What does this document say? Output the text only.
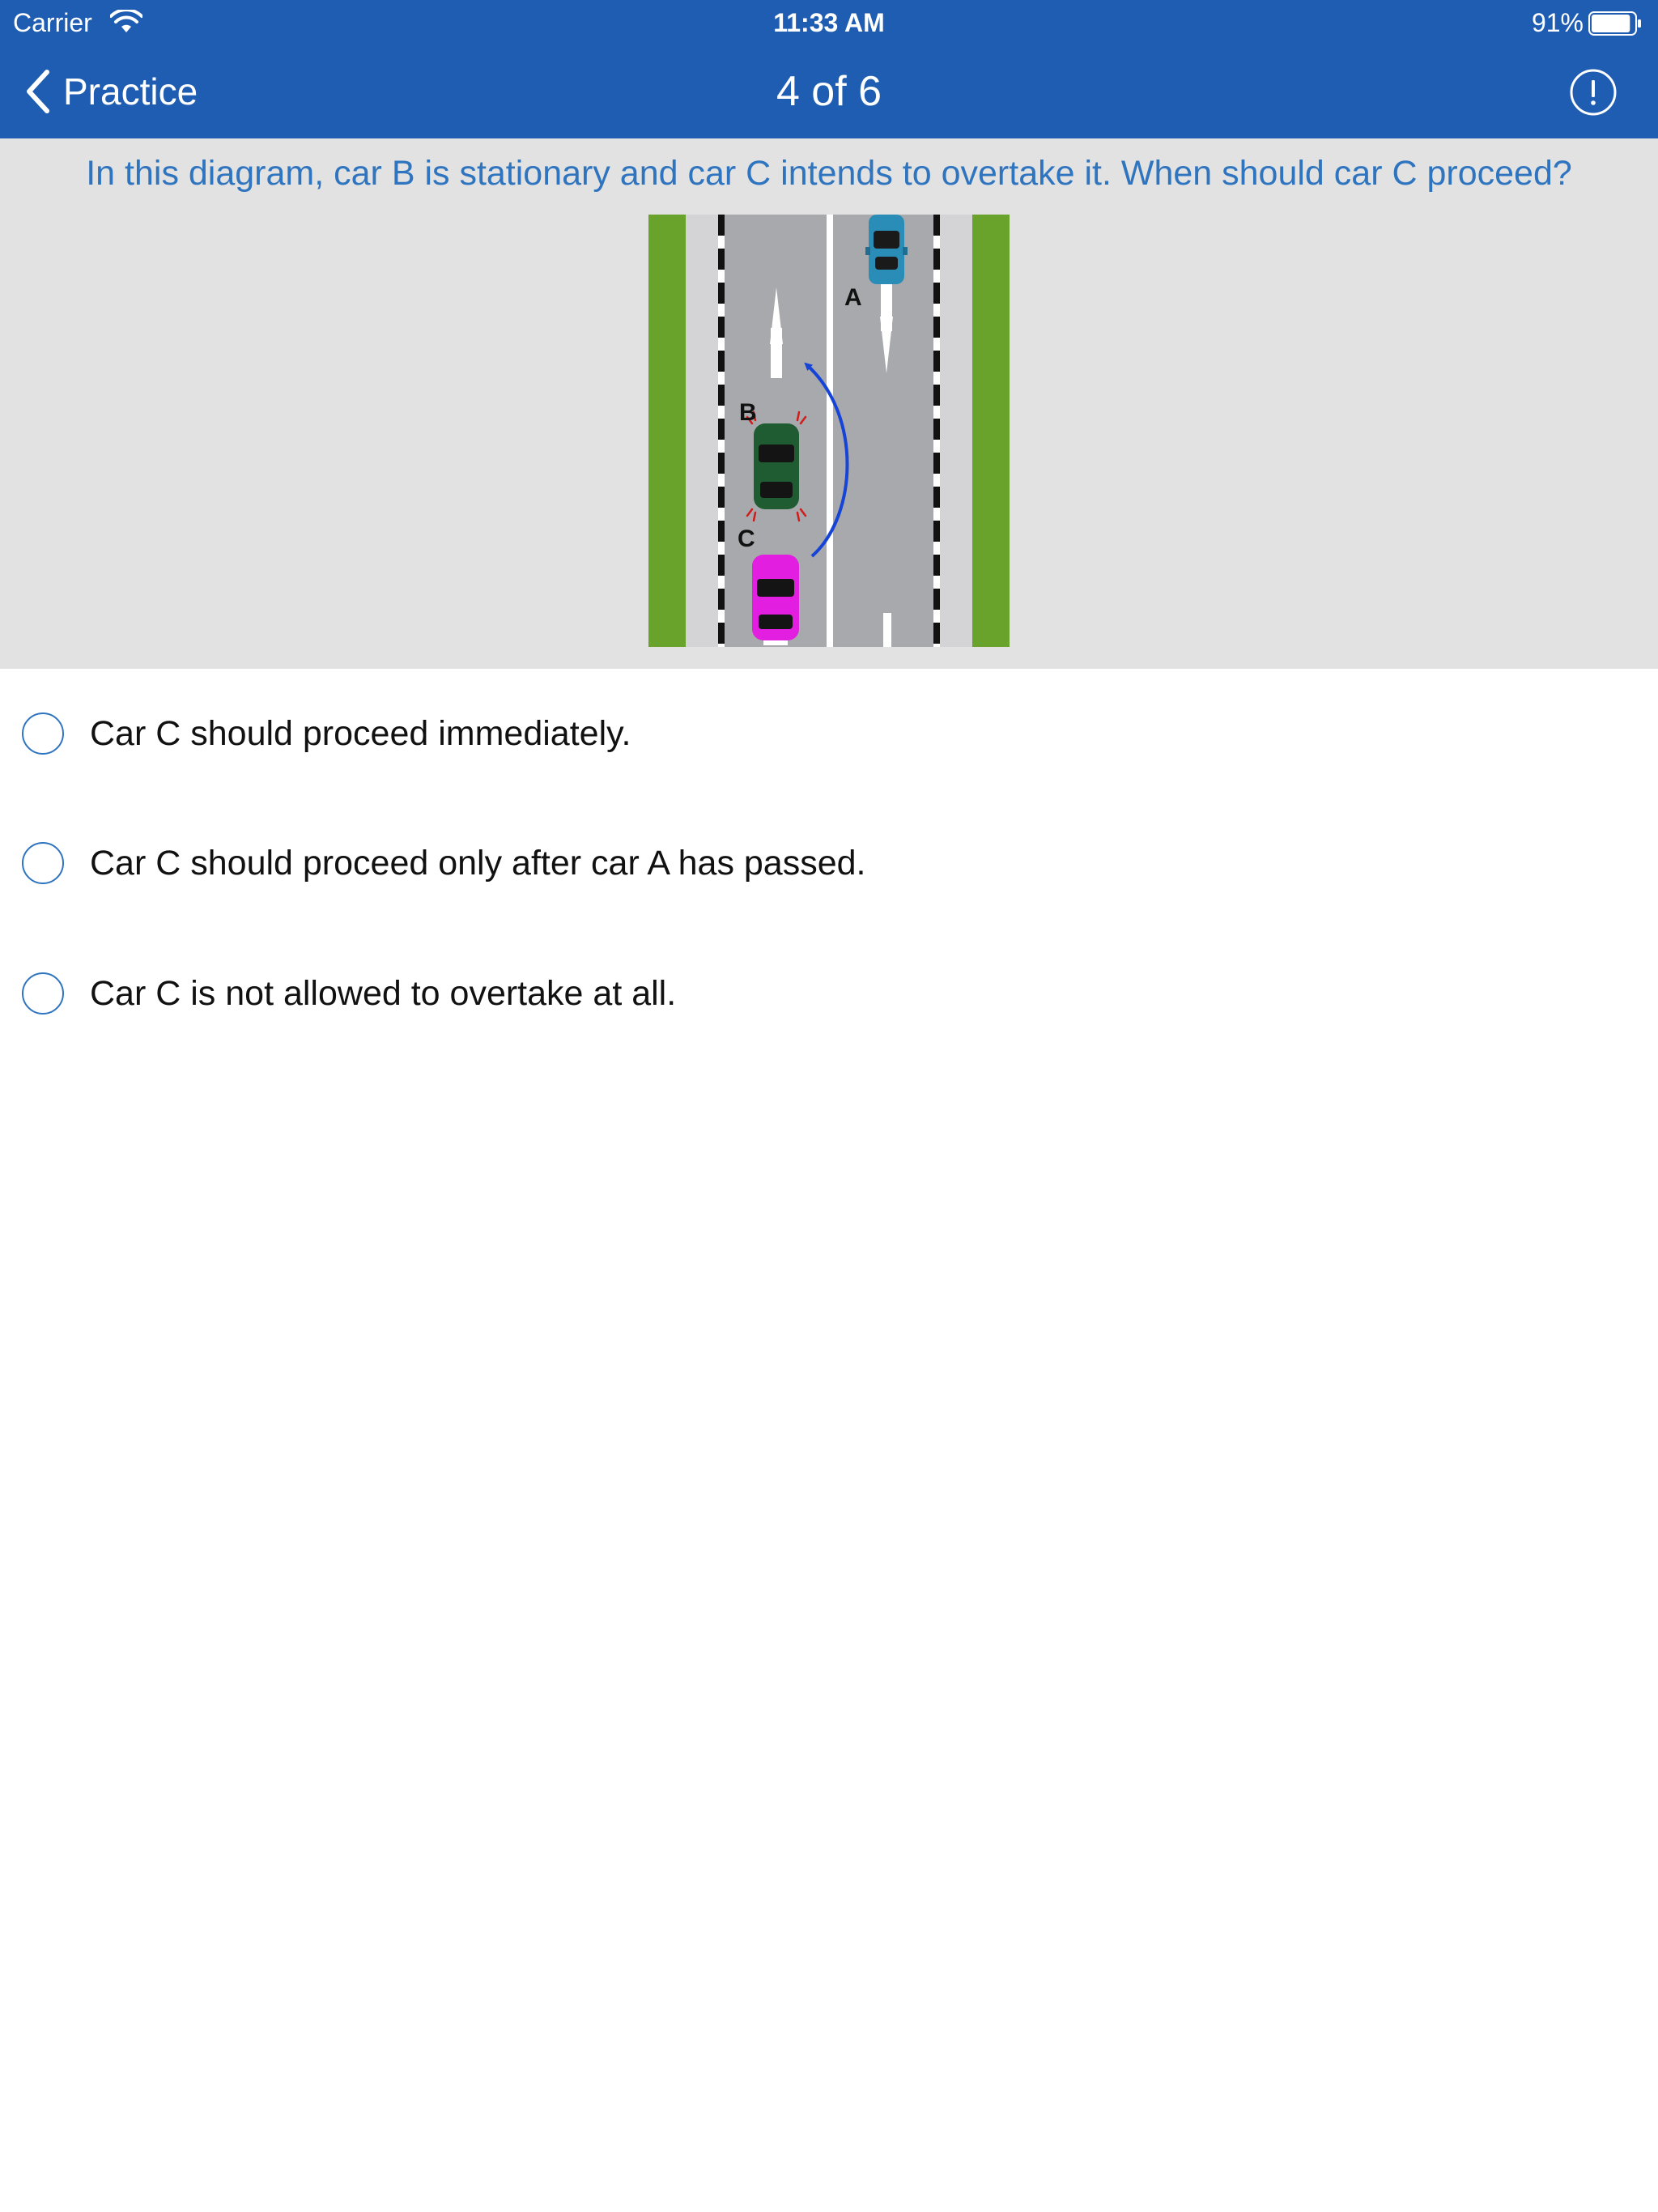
Carrier	11:33 AM	91%
Practice	4 of 6
In this diagram, car B is stationary and car C intends to overtake it. When should car C proceed?
A
B
C
Car C should proceed immediately.
Car C should proceed only after car A has passed.
Car C is not allowed to overtake at all.
